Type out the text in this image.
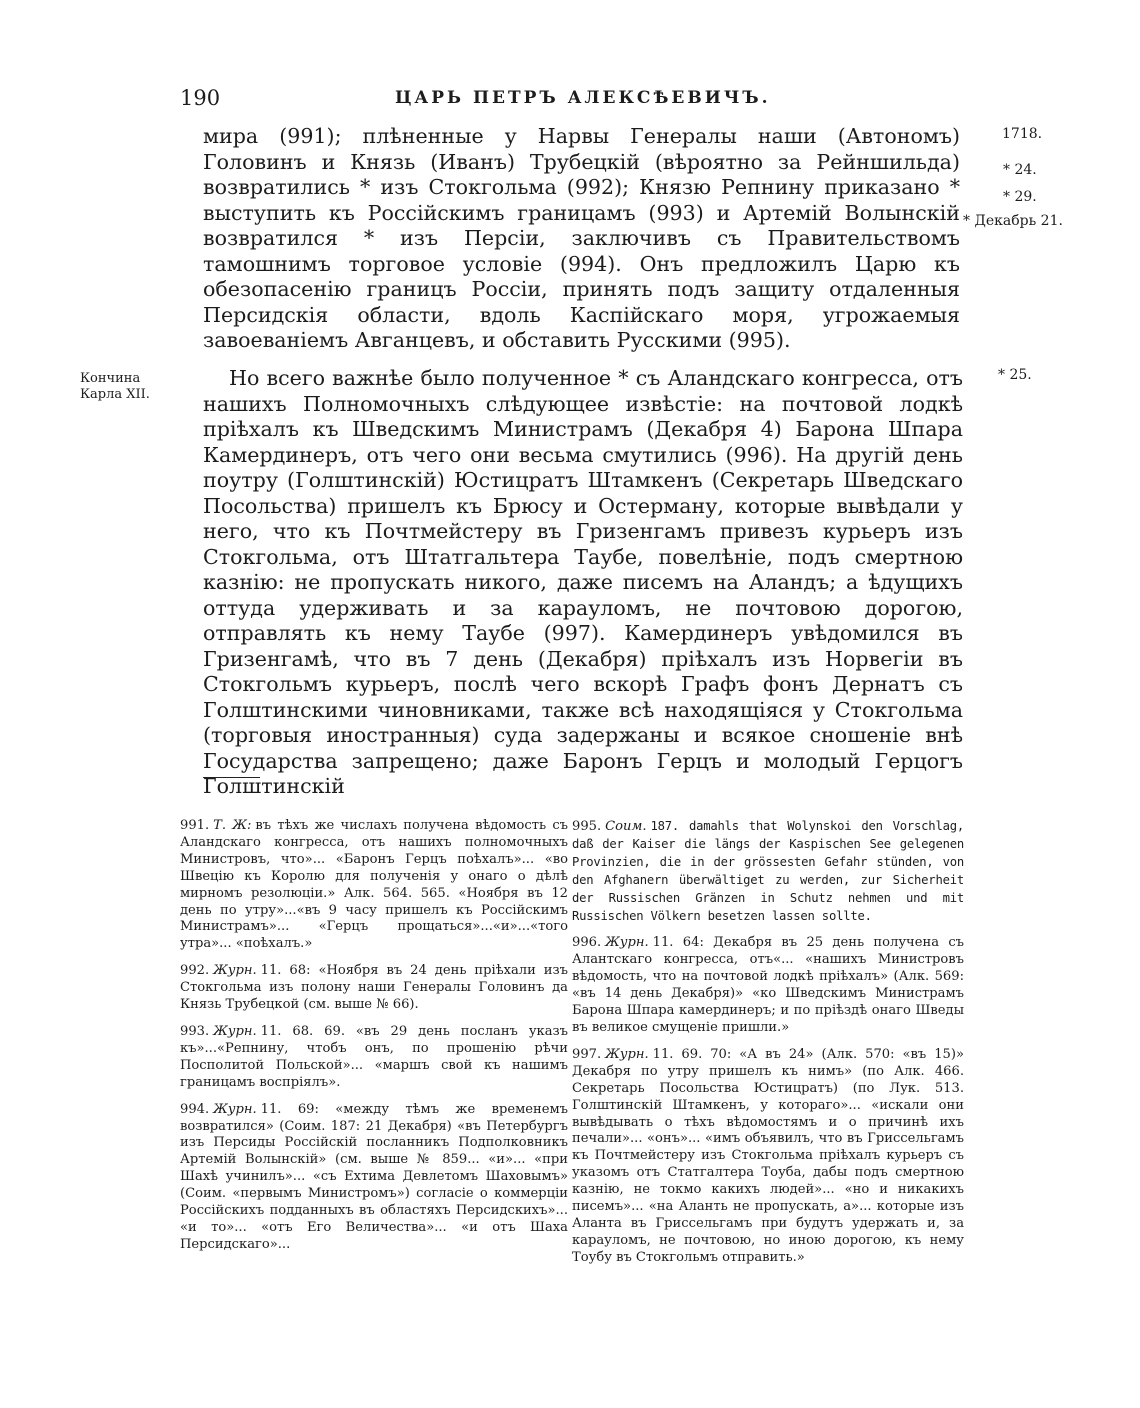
190	ЦАРЬ ПЕТРЪ АЛЕКСѢЕВИЧЪ.

мира (991); плѣненные у Нарвы Генералы наши (Автономъ) Головинъ и Князь (Иванъ) Трубецкій (вѣроятно за Рейншильда) возвратились * изъ Стокгольма (992); Князю Репнину приказано * выступить къ Россійскимъ границамъ (993) и Артемій Волынскій возвратился * изъ Персіи, заключивъ съ Правительствомъ тамошнимъ торговое условіе (994). Онъ предложилъ Царю къ обезопасенію границъ Россіи, принять подъ защиту отдаленныя Персидскія области, вдоль Каспійскаго моря, угрожаемыя завоеваніемъ Авганцевъ, и обставить Русскими (995).

1718.
* 24.
* 29.
* Декабрь 21.
* 25.
Кончина Карла XII.

Но всего важнѣе было полученное * съ Аландскаго конгресса, отъ нашихъ Полномочныхъ слѣдующее извѣстіе: на почтовой лодкѣ пріѣхалъ къ Шведскимъ Министрамъ (Декабря 4) Барона Шпара Камердинеръ, отъ чего они весьма смутились (996). На другій день поутру (Голштинскій) Юстицратъ Штамкенъ (Секретарь Шведскаго Посольства) пришелъ къ Брюсу и Остерману, которые вывѣдали у него, что къ Почтмейстеру въ Гризенгамъ привезъ курьеръ изъ Стокгольма, отъ Штатгальтера Таубе, повелѣніе, подъ смертною казнію: не пропускать никого, даже писемъ на Аландъ; а ѣдущихъ оттуда удерживать и за карауломъ, не почтовою дорогою, отправлять къ нему Таубе (997). Камердинеръ увѣдомился въ Гризенгамѣ, что въ 7 день (Декабря) пріѣхалъ изъ Норвегіи въ Стокгольмъ курьеръ, послѣ чего вскорѣ Графъ фонъ Дернатъ съ Голштинскими чиновниками, также всѣ находящіяся у Стокгольма (торговыя иностранныя) суда задержаны и всякое сношеніе внѣ Государства запрещено; даже Баронъ Герцъ и молодый Герцогъ Голштинскій

991. Т. Ж: въ тѣхъ же числахъ получена вѣдомость съ Аландскаго конгресса, отъ нашихъ полномочныхъ Министровъ, что»... «Баронъ Герцъ поѣхалъ»... «во Швецію къ Королю для полученія у онаго о дѣлѣ мирномъ резолюціи.» Алк. 564. 565. «Ноября въ 12 день по утру»...«въ 9 часу пришелъ къ Россійскимъ Министрамъ»... «Герцъ прощаться»...«и»...«того утра»... «поѣхалъ.»

992. Журн. 11. 68: «Ноября въ 24 день пріѣхали изъ Стокгольма изъ полону наши Генералы Головинъ да Князь Трубецкой (см. выше № 66).

993. Журн. 11. 68. 69. «въ 29 день посланъ указъ къ»...«Репнину, чтобъ онъ, по прошенію рѣчи Посполитой Польской»... «маршъ свой къ нашимъ границамъ воспріялъ».

994. Журн. 11. 69: «между тѣмъ же временемъ возвратился» (Соим. 187: 21 Декабря) «въ Петербургъ изъ Персиды Россійскій посланникъ Подполковникъ Артемій Волынскій» (см. выше № 859... «и»... «при Шахѣ учинилъ»... «съ Ехтима Девлетомъ Шаховымъ» (Соим. «первымъ Министромъ») согласіе о коммерціи Россійскихъ подданныхъ въ областяхъ Персидскихъ»... «и то»... «отъ Его Величества»... «и отъ Шаха Персидскаго»...

995. Соим. 187. damahls that Wolynskoi den Vorschlag, daß der Kaiser die längs der Kaspischen See gelegenen Provinzien, die in der grössesten Gefahr stünden, von den Afghanern überwältiget zu werden, zur Sicherheit der Russischen Gränzen in Schutz nehmen und mit Russischen Völkern besetzen lassen sollte.

996. Журн. 11. 64: Декабря въ 25 день получена съ Алантскаго конгресса, отъ«... «нашихъ Министровъ вѣдомость, что на почтовой лодкѣ пріѣхалъ» (Алк. 569: «въ 14 день Декабря)» «ко Шведскимъ Министрамъ Барона Шпара камердинеръ; и по пріѣздѣ онаго Шведы въ великое смущеніе пришли.»

997. Журн. 11. 69. 70: «А въ 24» (Алк. 570: «въ 15)» Декабря по утру пришелъ къ нимъ» (по Алк. 466. Секретарь Посольства Юстицратъ) (по Лук. 513. Голштинскій Штамкенъ, у котораго»... «искали они вывѣдывать о тѣхъ вѣдомостямъ и о причинѣ ихъ печали»... «онъ»... «имъ объявилъ, что въ Гриссельгамъ къ Почтмейстеру изъ Стокгольма пріѣхалъ курьеръ съ указомъ отъ Статгалтера Тоуба, дабы подъ смертною казнію, не токмо какихъ людей»... «но и никакихъ писемъ»... «на Аланть не пропускать, а»... которые изъ Аланта въ Гриссельгамъ при будутъ удержать и, за карауломъ, не почтовою, но иною дорогою, къ нему Тоубу въ Стокгольмъ отправить.»
